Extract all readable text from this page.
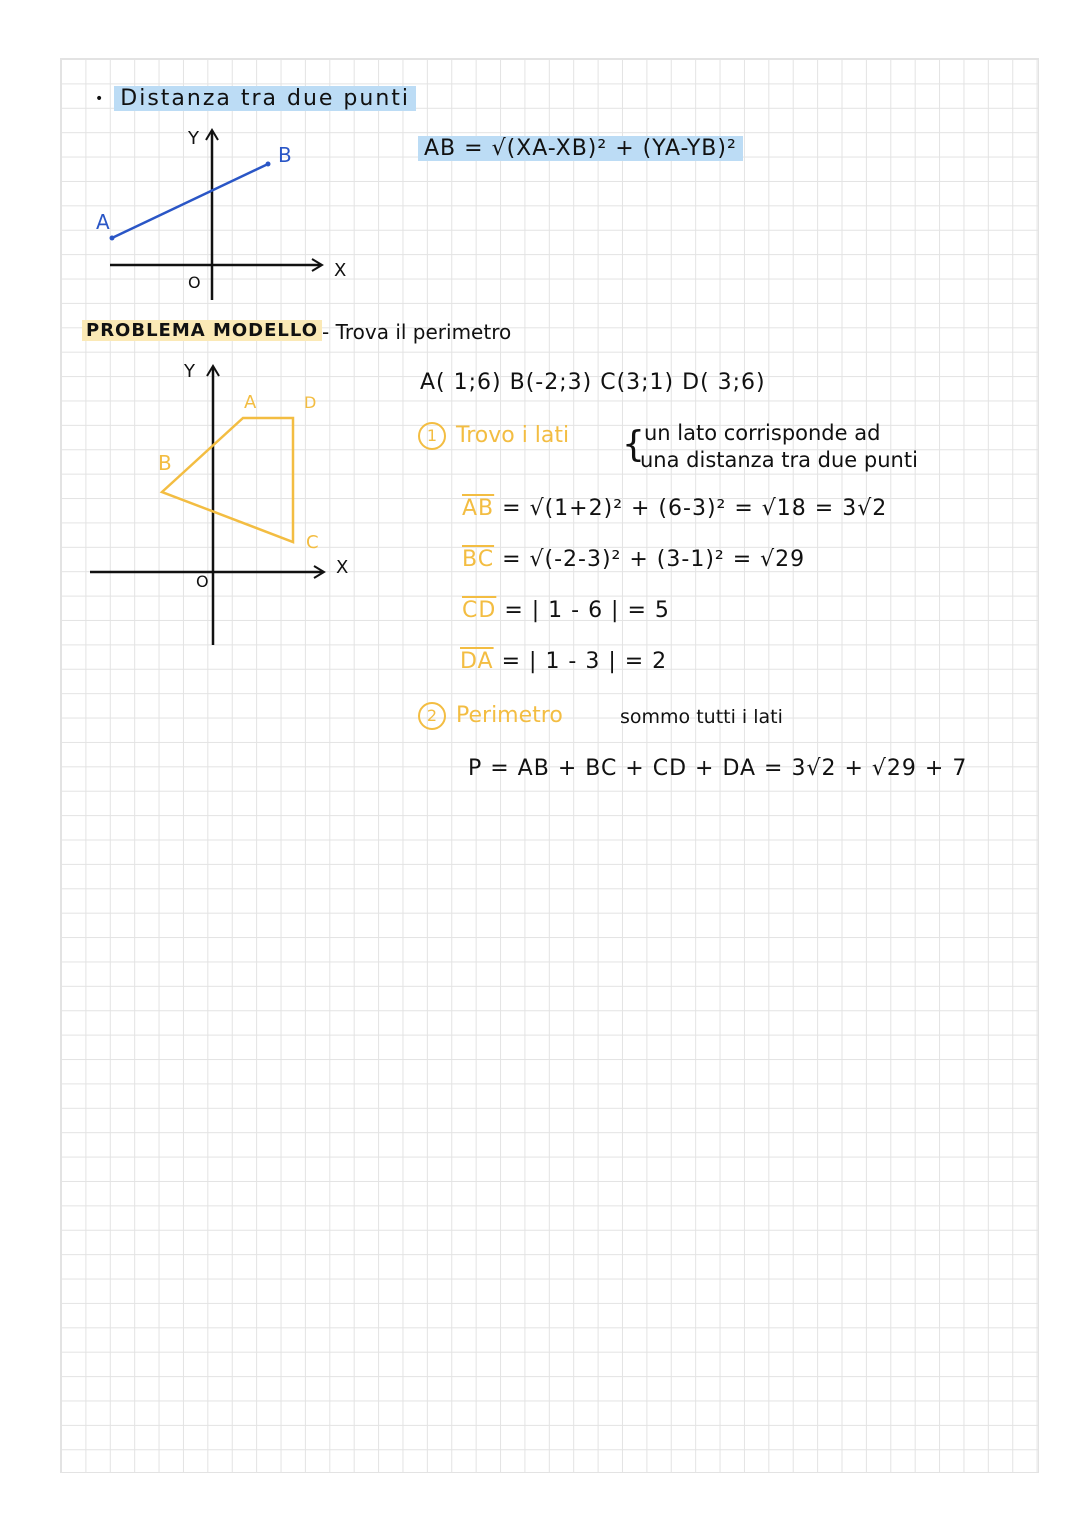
• Distanza tra due punti
AB = √(XA-XB)² + (YA-YB)²
Y
X
O
A
B
PROBLEMA MODELLO - Trova il perimetro
Y
X
O
A	D
B
C
A( 1;6) B(-2;3) C(3;1) D( 3;6)
1 Trovo i lati { un lato corrisponde ad
una distanza tra due punti
$\overline{AB} = √(1+2)^2 + (6-3)^2 = √18 = 3√2$
$\overline{BC} = √(-2-3)^2 + (3-1)^2 = √29$
$\overline{CD}$ = | 1 - 6 | = 5
$\overline{DA}$ = | 1 - 3 | = 2
2 Perimetro	sommo tutti i lati
P = AB + BC + CD + DA = 3√2 + √29 + 7
